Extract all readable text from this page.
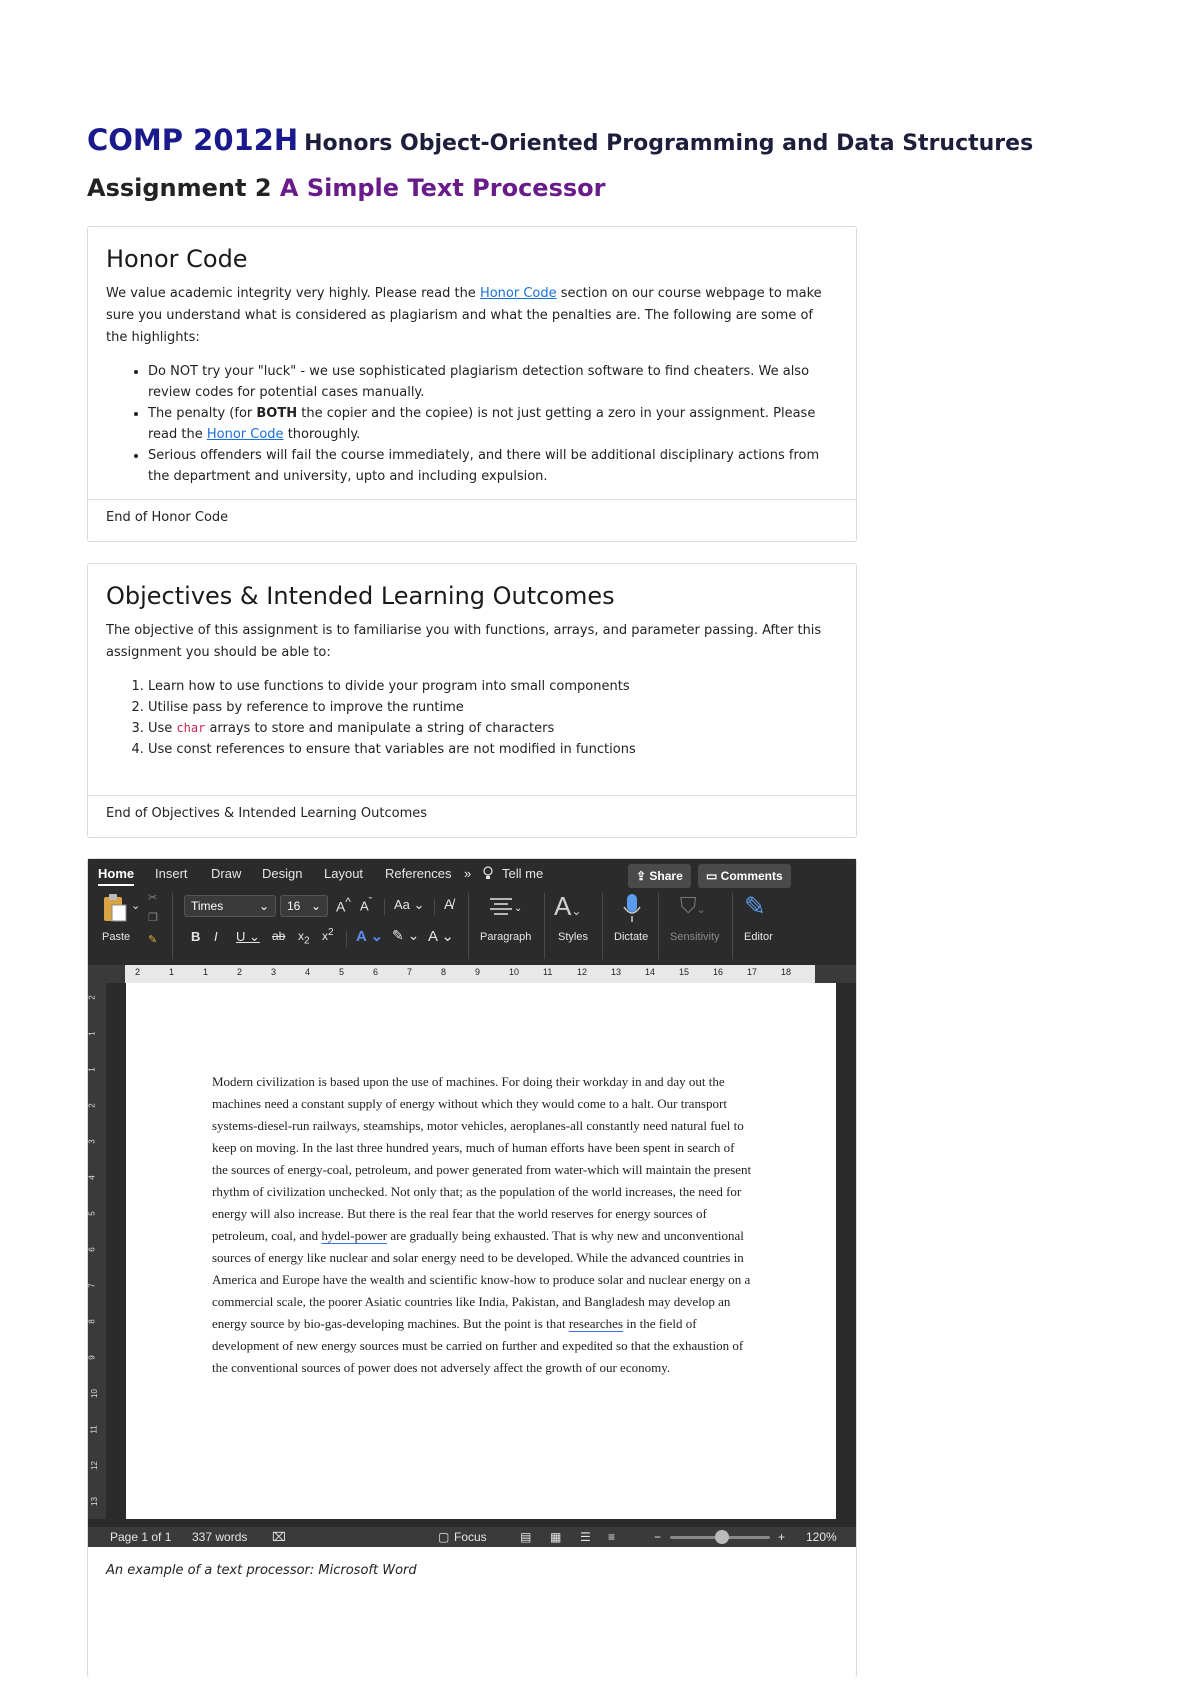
COMP 2012H Honors Object-Oriented Programming and Data Structures
Assignment 2 A Simple Text Processor
Honor Code

We value academic integrity very highly. Please read the Honor Code section on our course webpage to make sure you understand what is considered as plagiarism and what the penalties are. The following are some of the highlights:

• Do NOT try your "luck" - we use sophisticated plagiarism detection software to find cheaters. We also review codes for potential cases manually.
• The penalty (for BOTH the copier and the copiee) is not just getting a zero in your assignment. Please read the Honor Code thoroughly.
• Serious offenders will fail the course immediately, and there will be additional disciplinary actions from the department and university, upto and including expulsion.
End of Honor Code
Objectives & Intended Learning Outcomes

The objective of this assignment is to familiarise you with functions, arrays, and parameter passing. After this assignment you should be able to:

1. Learn how to use functions to divide your program into small components
2. Utilise pass by reference to improve the runtime
3. Use char arrays to store and manipulate a string of characters
4. Use const references to ensure that variables are not modified in functions
End of Objectives & Intended Learning Outcomes
Home Insert Draw Design Layout References » Tell me	⇪ Share	▭ Comments
⌄
Paste
✂
❐
✎
Times	⌄	16 ⌄ A^ $A^ˇ$ Aa ⌄ A̸
B I U ⌄ ab $x_2$ $x^2$ A ⌄ ✎ ⌄ A ⌄
⌄
Paragraph
A⌄
Styles Dictate
⛉⌄
Sensitivity
✎
Editor
2	1	1	2	3	4	5	6	7	8	9	10	11	12	13	14	15	16	17	18
2
1
1
2
3
4
5
6
7
8
9
10
11
12
13

Modern civilization is based upon the use of machines. For doing their workday in and day out the machines need a constant supply of energy without which they would come to a halt. Our transport systems-diesel-run railways, steamships, motor vehicles, aeroplanes-all constantly need natural fuel to keep on moving. In the last three hundred years, much of human efforts have been spent in search of the sources of energy-coal, petroleum, and power generated from water-which will maintain the present rhythm of civilization unchecked. Not only that; as the population of the world increases, the need for energy will also increase. But there is the real fear that the world reserves for energy sources of petroleum, coal, and hydel-power are gradually being exhausted. That is why new and unconventional sources of energy like nuclear and solar energy need to be developed. While the advanced countries in America and Europe have the wealth and scientific know-how to produce solar and nuclear energy on a commercial scale, the poorer Asiatic countries like India, Pakistan, and Bangladesh may develop an energy source by bio-gas-developing machines. But the point is that researches in the field of development of new energy sources must be carried on further and expedited so that the exhaustion of the conventional sources of power does not adversely affect the growth of our economy.

Page 1 of 1 337 words ⌧	▢ Focus	▤ ▦ ☰ ≡	−	+ 120%
An example of a text processor: Microsoft Word
